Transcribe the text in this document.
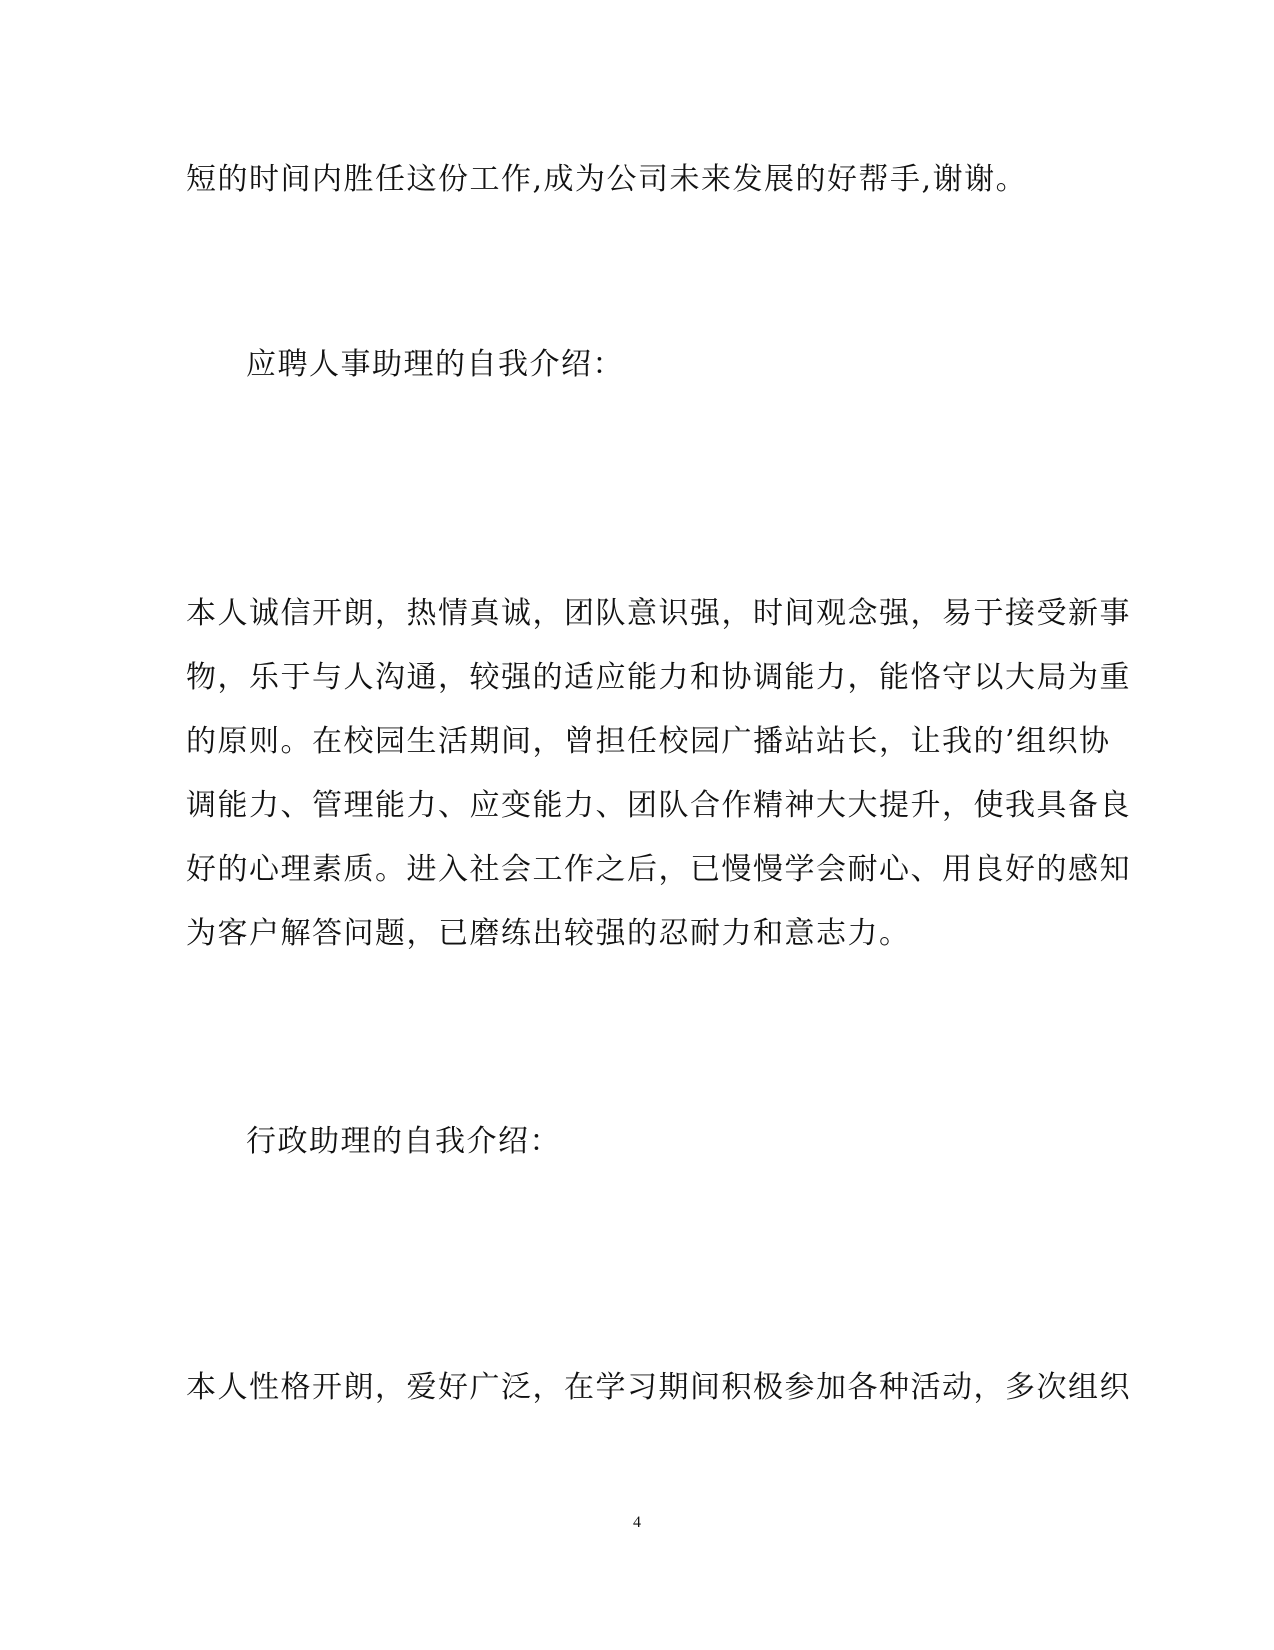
短的时间内胜任这份工作,成为公司未来发展的好帮手,谢谢。
应聘人事助理的自我介绍：
本人诚信开朗，热情真诚，团队意识强，时间观念强，易于接受新事
物，乐于与人沟通，较强的适应能力和协调能力，能恪守以大局为重
的原则。在校园生活期间，曾担任校园广播站站长，让我的’组织协
调能力、管理能力、应变能力、团队合作精神大大提升，使我具备良
好的心理素质。进入社会工作之后，已慢慢学会耐心、用良好的感知
为客户解答问题，已磨练出较强的忍耐力和意志力。
行政助理的自我介绍：
本人性格开朗，爱好广泛，在学习期间积极参加各种活动，多次组织
4
